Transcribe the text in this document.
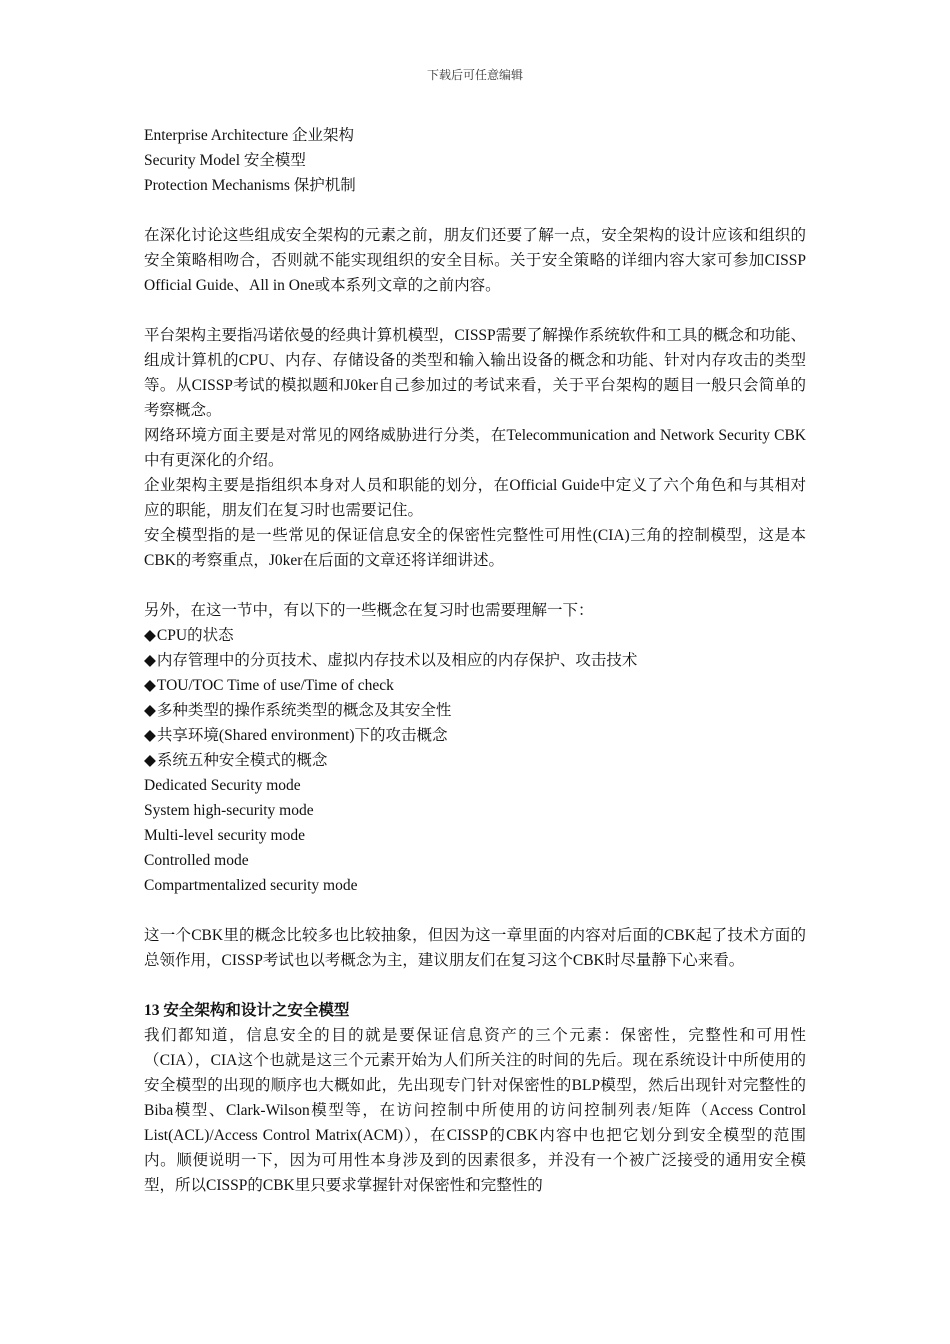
下载后可任意编辑
Enterprise Architecture 企业架构
Security Model 安全模型
Protection Mechanisms 保护机制

在深化讨论这些组成安全架构的元素之前，朋友们还要了解一点，安全架构的设计应该和组织的安全策略相吻合，否则就不能实现组织的安全目标。关于安全策略的详细内容大家可参加CISSP Official Guide、All in One或本系列文章的之前内容。

平台架构主要指冯诺依曼的经典计算机模型，CISSP需要了解操作系统软件和工具的概念和功能、组成计算机的CPU、内存、存储设备的类型和输入输出设备的概念和功能、针对内存攻击的类型等。从CISSP考试的模拟题和J0ker自己参加过的考试来看，关于平台架构的题目一般只会简单的考察概念。

网络环境方面主要是对常见的网络威胁进行分类，在Telecommunication and Network Security CBK中有更深化的介绍。

企业架构主要是指组织本身对人员和职能的划分，在Official Guide中定义了六个角色和与其相对应的职能，朋友们在复习时也需要记住。

安全模型指的是一些常见的保证信息安全的保密性完整性可用性(CIA)三角的控制模型，这是本CBK的考察重点，J0ker在后面的文章还将详细讲述。

另外，在这一节中，有以下的一些概念在复习时也需要理解一下：
◆CPU的状态
◆内存管理中的分页技术、虚拟内存技术以及相应的内存保护、攻击技术
◆TOU/TOC Time of use/Time of check
◆多种类型的操作系统类型的概念及其安全性
◆共享环境(Shared environment)下的攻击概念
◆系统五种安全模式的概念
Dedicated Security mode
System high-security mode
Multi-level security mode
Controlled mode
Compartmentalized security mode

这一个CBK里的概念比较多也比较抽象，但因为这一章里面的内容对后面的CBK起了技术方面的总领作用，CISSP考试也以考概念为主，建议朋友们在复习这个CBK时尽量静下心来看。

13 安全架构和设计之安全模型

我们都知道，信息安全的目的就是要保证信息资产的三个元素：保密性，完整性和可用性（CIA），CIA这个也就是这三个元素开始为人们所关注的时间的先后。现在系统设计中所使用的安全模型的出现的顺序也大概如此，先出现专门针对保密性的BLP模型，然后出现针对完整性的Biba模型、Clark-Wilson模型等，在访问控制中所使用的访问控制列表/矩阵（Access Control List(ACL)/Access Control Matrix(ACM)），在CISSP的CBK内容中也把它划分到安全模型的范围内。顺便说明一下，因为可用性本身涉及到的因素很多，并没有一个被广泛接受的通用安全模型，所以CISSP的CBK里只要求掌握针对保密性和完整性的
